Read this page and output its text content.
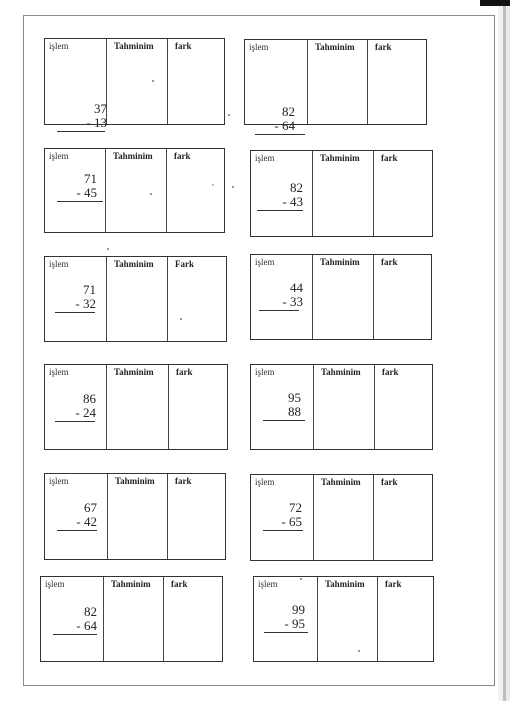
işlem	Tahminim fark
37
- 13
işlem	Tahminim fark
82
- 64
işlem	Tahminim fark
71
- 45
işlem	Tahminim fark
82
- 43
işlem	Tahminim Fark
71
- 32
işlem	Tahminim fark
44
- 33
işlem	Tahminim fark
86
- 24
işlem	Tahminim fark
95
88
işlem	Tahminim fark
67
- 42
işlem	Tahminim fark
72
- 65
işlem	Tahminim fark
82
- 64
işlem	Tahminim fark
99
- 95
